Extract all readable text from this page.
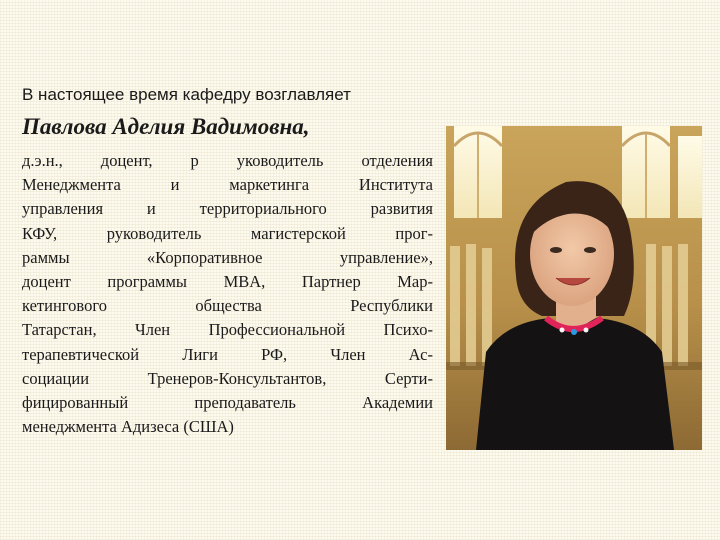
В настоящее время кафедру возглавляет

Павлова Аделия Вадимовна,
д.э.н., доцент, р уководитель отделения
Менеджмента и маркетинга Института
управления и территориального развития
КФУ, руководитель магистерской прог-
раммы «Корпоративное управление»,
доцент программы MBA, Партнер Мар-
кетингового общества Республики
Татарстан, Член Профессиональной Психо-
терапевтической Лиги РФ, Член Ас-
социации Тренеров-Консультантов, Серти-
фицированный преподаватель Академии
менеджмента Адизеса (США)
